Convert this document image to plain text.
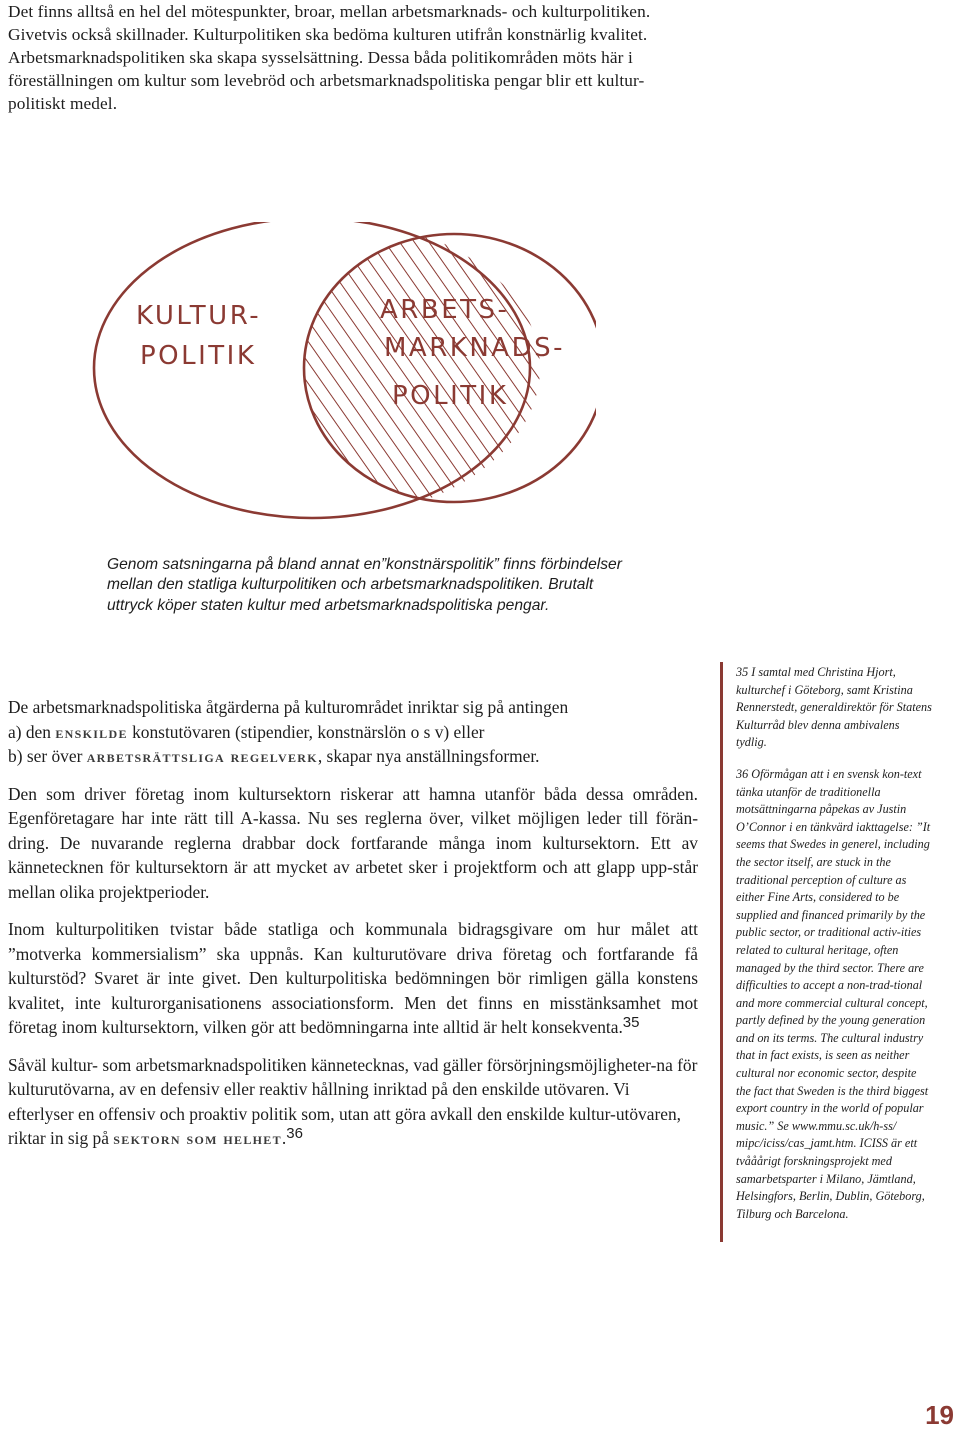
Det finns alltså en hel del mötespunkter, broar, mellan arbetsmarknads- och kulturpolitiken.

Givetvis också skillnader. Kulturpolitiken ska bedöma kulturen utifrån konstnärlig kvalitet.

Arbetsmarknadspolitiken ska skapa sysselsättning. Dessa båda politikområden möts här i

föreställningen om kultur som levebröd och arbetsmarknadspolitiska pengar blir ett kultur-

politiskt medel.

KULTUR-
POLITIK
ARBETS-
MARKNADS-
POLITIK

Genom satsningarna på bland annat en”konstnärspolitik” finns förbindelser

mellan den statliga kulturpolitiken och arbetsmarknadspolitiken. Brutalt

uttryck köper staten kultur med arbetsmarknadspolitiska pengar.

De arbetsmarknadspolitiska åtgärderna på kulturområdet inriktar sig på antingen
a) den enskilde konstutövaren (stipendier, konstnärslön o s v) eller
b) ser över arbetsrättsliga regelverk, skapar nya anställningsformer.

Den som driver företag inom kultursektorn riskerar att hamna utanför båda dessa områden. Egenföretagare har inte rätt till A-kassa. Nu ses reglerna över, vilket möjligen leder till förän-dring. De nuvarande reglerna drabbar dock fortfarande många inom kultursektorn. Ett av kännetecknen för kultursektorn är att mycket av arbetet sker i projektform och att glapp upp-står mellan olika projektperioder.

Inom kulturpolitiken tvistar både statliga och kommunala bidragsgivare om hur målet att ”motverka kommersialism” ska uppnås. Kan kulturutövare driva företag och fortfarande få kulturstöd? Svaret är inte givet. Den kulturpolitiska bedömningen bör rimligen gälla konstens kvalitet, inte kulturorganisationens associationsform. Men det finns en misstänksamhet mot företag inom kultursektorn, vilken gör att bedömningarna inte alltid är helt konsekventa.35

Såväl kultur- som arbetsmarknadspolitiken kännetecknas, vad gäller försörjningsmöjligheter-na för kulturutövarna, av en defensiv eller reaktiv hållning inriktad på den enskilde utövaren. Vi efterlyser en offensiv och proaktiv politik som, utan att göra avkall den enskilde kultur-utövaren, riktar in sig på sektorn som helhet.36

35 I samtal med Christina Hjort, kulturchef i Göteborg, samt Kristina Rennerstedt, generaldirektör för Statens Kulturråd blev denna ambivalens tydlig.

36 Oförmågan att i en svensk kon-text tänka utanför de traditionella motsättningarna påpekas av Justin O’Connor i en tänkvärd iakttagelse: ”It seems that Swedes in generel, including the sector itself, are stuck in the traditional perception of culture as either Fine Arts, considered to be supplied and financed primarily by the public sector, or traditional activ-ities related to cultural heritage, often managed by the third sector. There are difficulties to accept a non-trad-tional and more commercial cultural concept, partly defined by the young generation and on its terms. The cultural industry that in fact exists, is seen as neither cultural nor economic sector, despite the fact that Sweden is the third biggest export country in the world of popular music.” Se www.mmu.sc.uk/h-ss/ mipc/iciss/cas_jamt.htm. ICISS är ett tvååårigt forskningsprojekt med samarbetsparter i Milano, Jämtland, Helsingfors, Berlin, Dublin, Göteborg, Tilburg och Barcelona.

19
